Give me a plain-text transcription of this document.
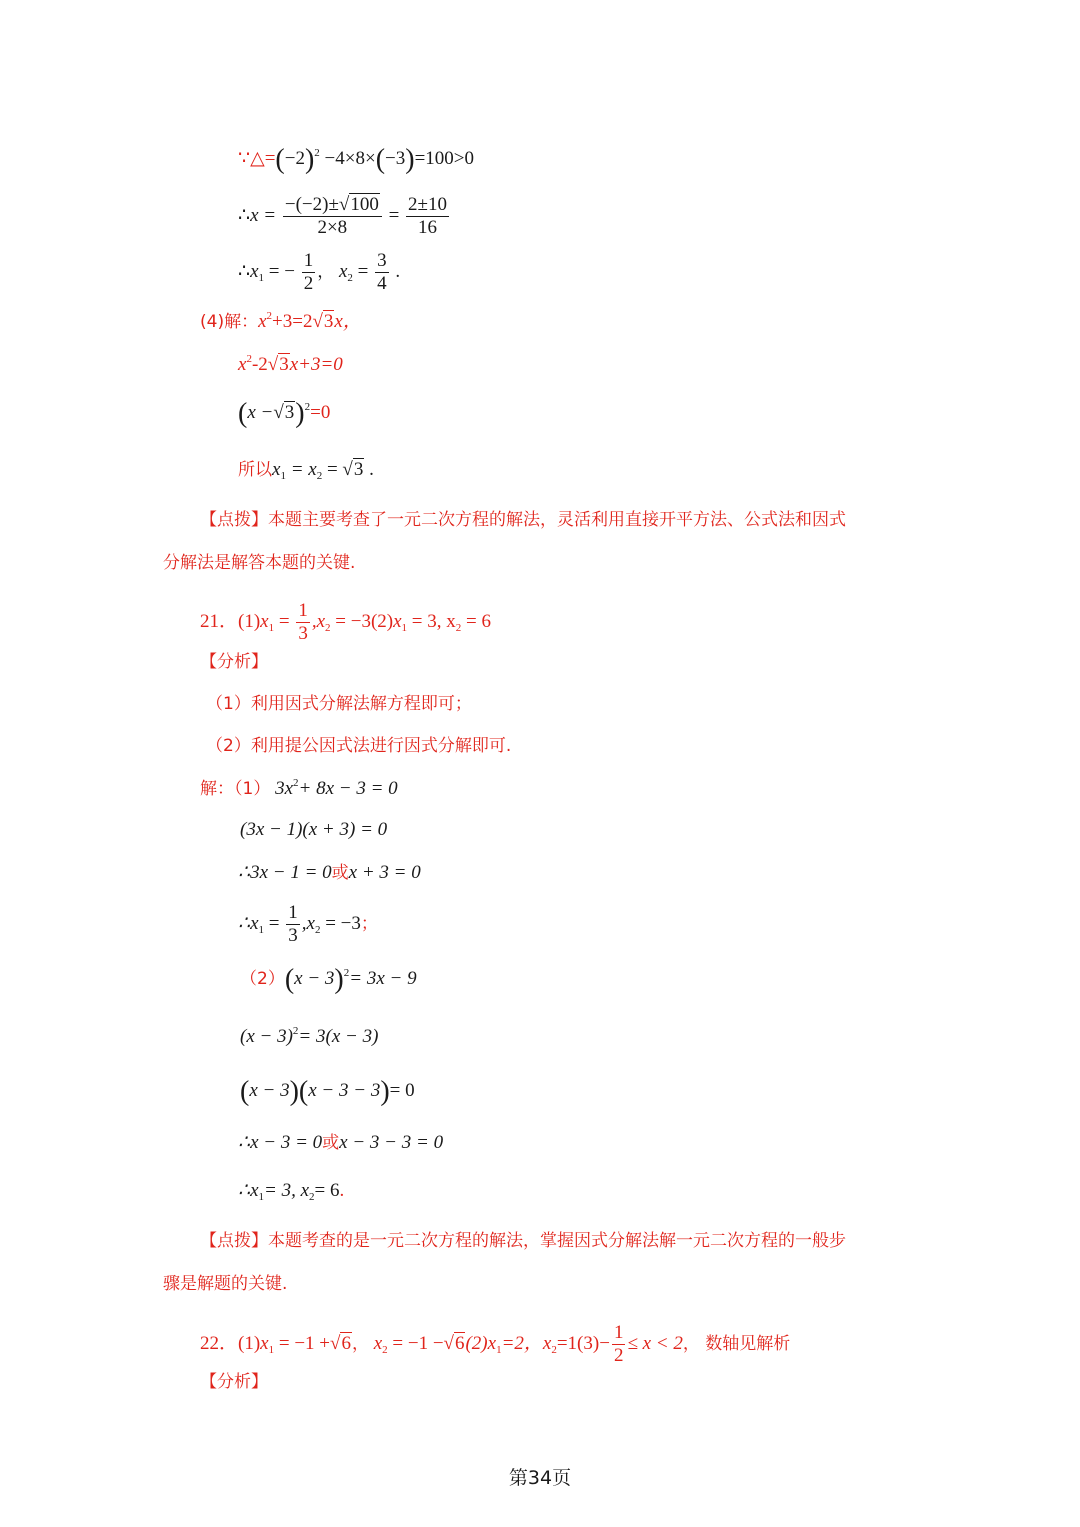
$\because\triangle=(-2)^2 -4\times 8\times(-3)=100>0$
∴x = $\frac{-(-2)\pm√100}{2\times 8} = \frac{2\pm 10}{16}$
$\therefore x_1$ = − $\frac{1}{2}$ ， $x_2 = \frac{3}{4}$ .
(4)解：$x^2+3=2√3x$，
$x^2-2√3x+3=0$
$(x -√3)^2=0$
所以$x_1 = x_2 = √3$ .
【点拨】本题主要考查了一元二次方程的解法，灵活利用直接开平方法、公式法和因式
分解法是解答本题的关键.
21．$(1)x_1 = \frac{1}{3} ,x_2 = -3(2)x_1 = 3$, $x_2 = 6$
【分析】
（1）利用因式分解法解方程即可；
（2）利用提公因式法进行因式分解即可.
解：（1） $3x^2+ 8x - 3 = 0$
(3x − 1)(x + 3) = 0
∴3x − 1 = 0或x + 3 = 0
$\therefore x_1 = \frac{1}{3} ,x_2 = -3$；
$(2)(x - 3)^2= 3x - 9$
$(x - 3)^2= 3(x - 3)$
(x − 3)(x − 3 − 3)= 0
∴x − 3 = 0或x − 3 − 3 = 0
$\therefore x_1= 3$, $x_2= 6$.
【点拨】本题考查的是一元二次方程的解法，掌握因式分解法解一元二次方程的一般步
骤是解题的关键.
22．$(1)x_1 = -1 +√6$， $x_2 = -1 -√6(2)x_1=2$，$x_2=1(3)- \frac{1}{2} \le x < 2$， 数轴见解析
【分析】
第34页
